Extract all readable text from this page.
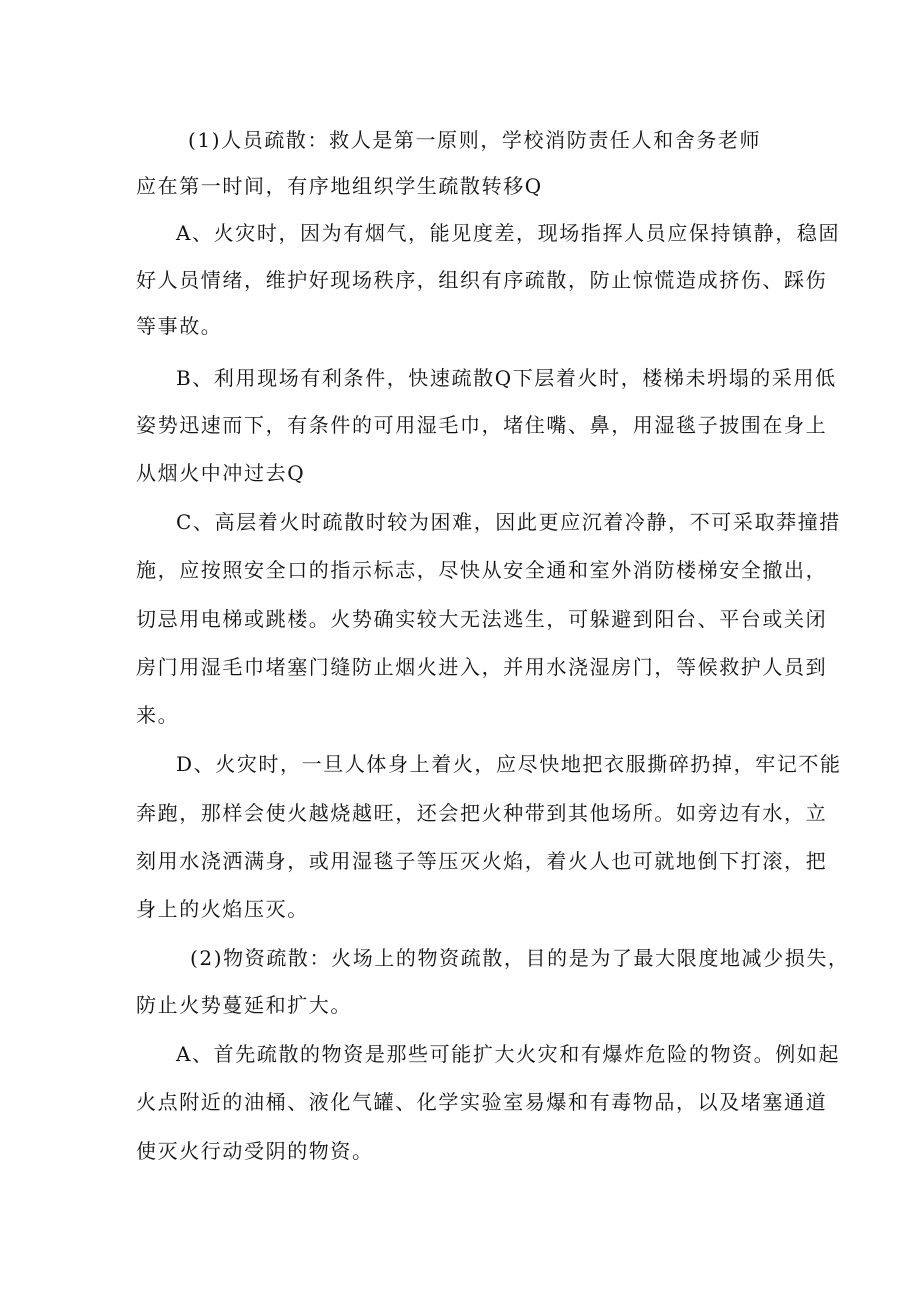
(1)人员疏散：救人是第一原则，学校消防责任人和舍务老师
应在第一时间，有序地组织学生疏散转移Q
A、火灾时，因为有烟气，能见度差，现场指挥人员应保持镇静，稳固
好人员情绪，维护好现场秩序，组织有序疏散，防止惊慌造成挤伤、踩伤
等事故。
B、利用现场有利条件，快速疏散Q下层着火时，楼梯未坍塌的采用低
姿势迅速而下，有条件的可用湿毛巾，堵住嘴、鼻，用湿毯子披围在身上
从烟火中冲过去Q
C、高层着火时疏散时较为困难，因此更应沉着冷静，不可采取莽撞措
施，应按照安全口的指示标志，尽快从安全通和室外消防楼梯安全撤出，
切忌用电梯或跳楼。火势确实较大无法逃生，可躲避到阳台、平台或关闭
房门用湿毛巾堵塞门缝防止烟火进入，并用水浇湿房门，等候救护人员到
来。
D、火灾时，一旦人体身上着火，应尽快地把衣服撕碎扔掉，牢记不能
奔跑，那样会使火越烧越旺，还会把火种带到其他场所。如旁边有水，立
刻用水浇洒满身，或用湿毯子等压灭火焰，着火人也可就地倒下打滚，把
身上的火焰压灭。
(2)物资疏散：火场上的物资疏散，目的是为了最大限度地减少损失，
防止火势蔓延和扩大。
A、首先疏散的物资是那些可能扩大火灾和有爆炸危险的物资。例如起
火点附近的油桶、液化气罐、化学实验室易爆和有毒物品，以及堵塞通道
使灭火行动受阴的物资。
